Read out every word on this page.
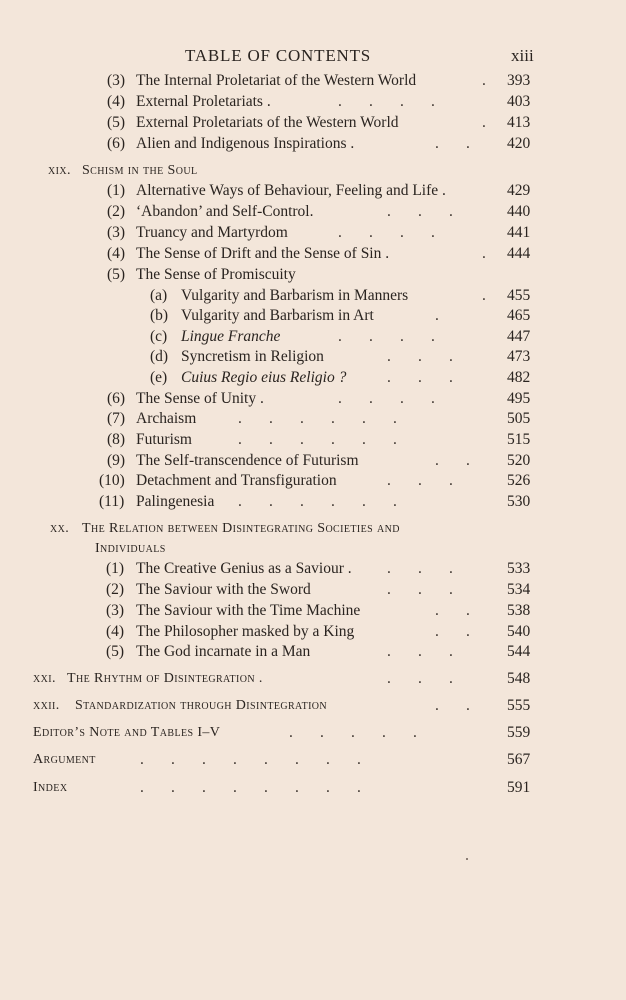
TABLE OF CONTENTS	xiii
(3) The Internal Proletariat of the Western World	. 393
(4) External Proletariats .	.       .       .       .	403
(5) External Proletariats of the Western World	. 413
(6) Alien and Indigenous Inspirations .	.       . 420
xix. Schism in the Soul
(1) Alternative Ways of Behaviour, Feeling and Life .	429
(2) ‘Abandon’ and Self-Control.	.       .       .	440
(3) Truancy and Martyrdom	.       .       .       .	441
(4) The Sense of Drift and the Sense of Sin .	. 444
(5) The Sense of Promiscuity
(a) Vulgarity and Barbarism in Manners	. 455
(b) Vulgarity and Barbarism in Art	.	465
(c) Lingue Franche	.       .       .       .	447
(d) Syncretism in Religion	.       .       .	473
(e) Cuius Regio eius Religio ?	.       .       .	482
(6) The Sense of Unity .	.       .       .       .	495
(7) Archaism	.       .       .       .       .       .	505
(8) Futurism	.       .       .       .       .       .	515
(9) The Self-transcendence of Futurism	.       . 520
(10) Detachment and Transfiguration	.       .       .	526
(11) Palingenesia .       .       .       .       .       .	530
xx. The Relation between Disintegrating Societies and
Individuals
(1) The Creative Genius as a Saviour . .       .       .	533
(2) The Saviour with the Sword	.       .       .	534
(3) The Saviour with the Time Machine	.       . 538
(4) The Philosopher masked by a King	.       . 540
(5) The God incarnate in a Man	.       .       .	544
xxi. The Rhythm of Disintegration .	.       .       .	548
xxii. Standardization through Disintegration	.       . 555
Editor’s Note and Tables I–V	.       .       .       .       .	559
Argument	.       .       .       .       .       .       .       .	567
Index	.       .       .       .       .       .       .       .	591
